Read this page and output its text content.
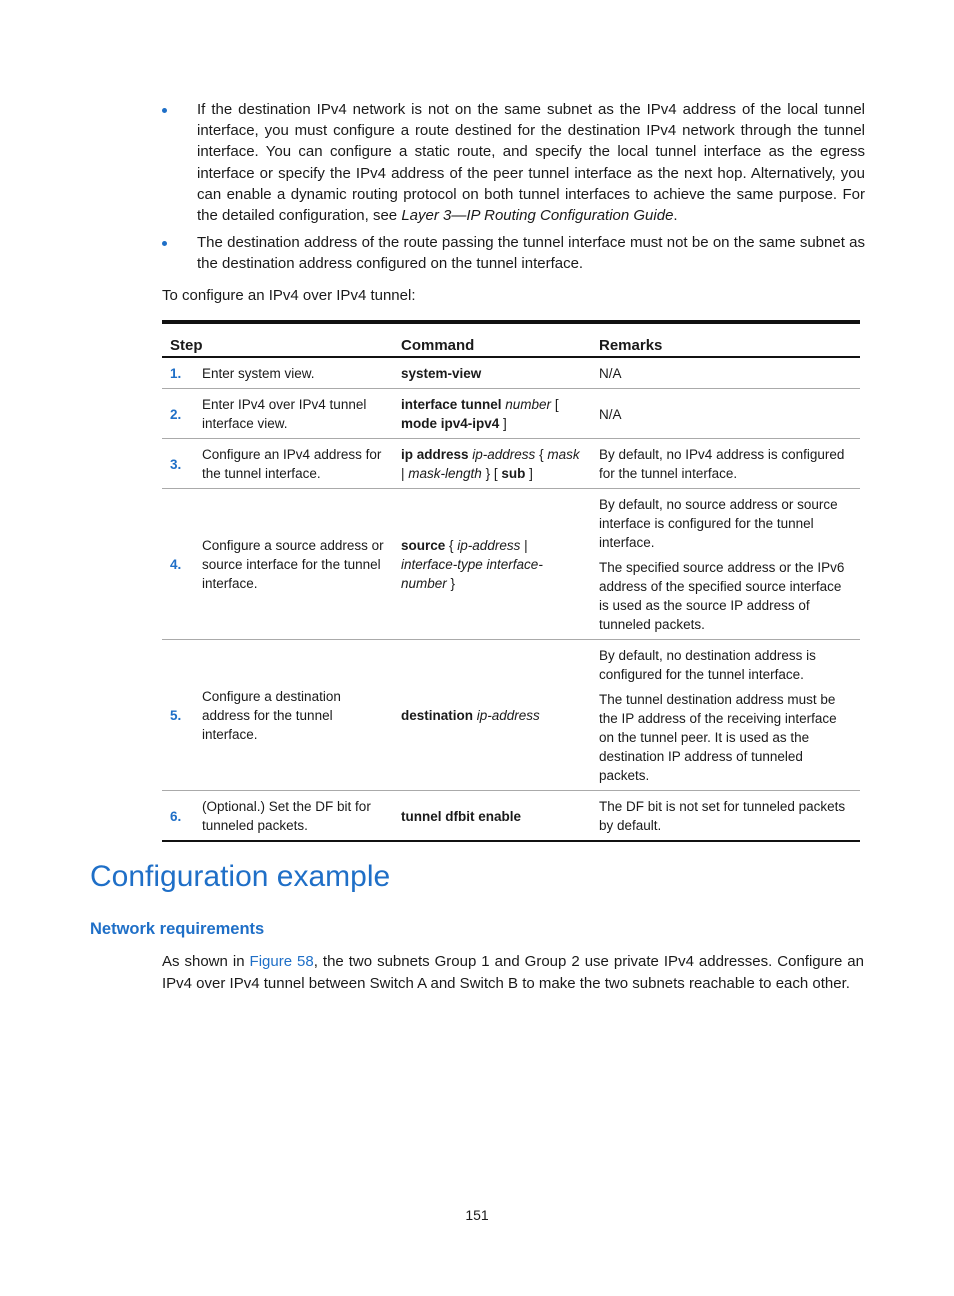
If the destination IPv4 network is not on the same subnet as the IPv4 address of the local tunnel interface, you must configure a route destined for the destination IPv4 network through the tunnel interface. You can configure a static route, and specify the local tunnel interface as the egress interface or specify the IPv4 address of the peer tunnel interface as the next hop. Alternatively, you can enable a dynamic routing protocol on both tunnel interfaces to achieve the same purpose. For the detailed configuration, see Layer 3—IP Routing Configuration Guide.
The destination address of the route passing the tunnel interface must not be on the same subnet as the destination address configured on the tunnel interface.
To configure an IPv4 over IPv4 tunnel:
Step		Command	Remarks
1.	Enter system view.	system-view	N/A

2.	Enter IPv4 over IPv4 tunnel interface view.	interface tunnel number [ mode ipv4-ipv4 ]	N/A

3.	Configure an IPv4 address for the tunnel interface.	ip address ip-address { mask | mask-length } [ sub ]	By default, no IPv4 address is configured for the tunnel interface.

4.	Configure a source address or source interface for the tunnel interface.	source { ip-address | interface-type interface-number }	By default, no source address or source interface is configured for the tunnel interface.

The specified source address or the IPv6 address of the specified source interface is used as the source IP address of tunneled packets.

5.	Configure a destination address for the tunnel interface.	destination ip-address	By default, no destination address is configured for the tunnel interface.

The tunnel destination address must be the IP address of the receiving interface on the tunnel peer. It is used as the destination IP address of tunneled packets.

6.	(Optional.) Set the DF bit for tunneled packets.	tunnel dfbit enable	The DF bit is not set for tunneled packets by default.

Configuration example
Network requirements
As shown in Figure 58, the two subnets Group 1 and Group 2 use private IPv4 addresses. Configure an IPv4 over IPv4 tunnel between Switch A and Switch B to make the two subnets reachable to each other.
151
